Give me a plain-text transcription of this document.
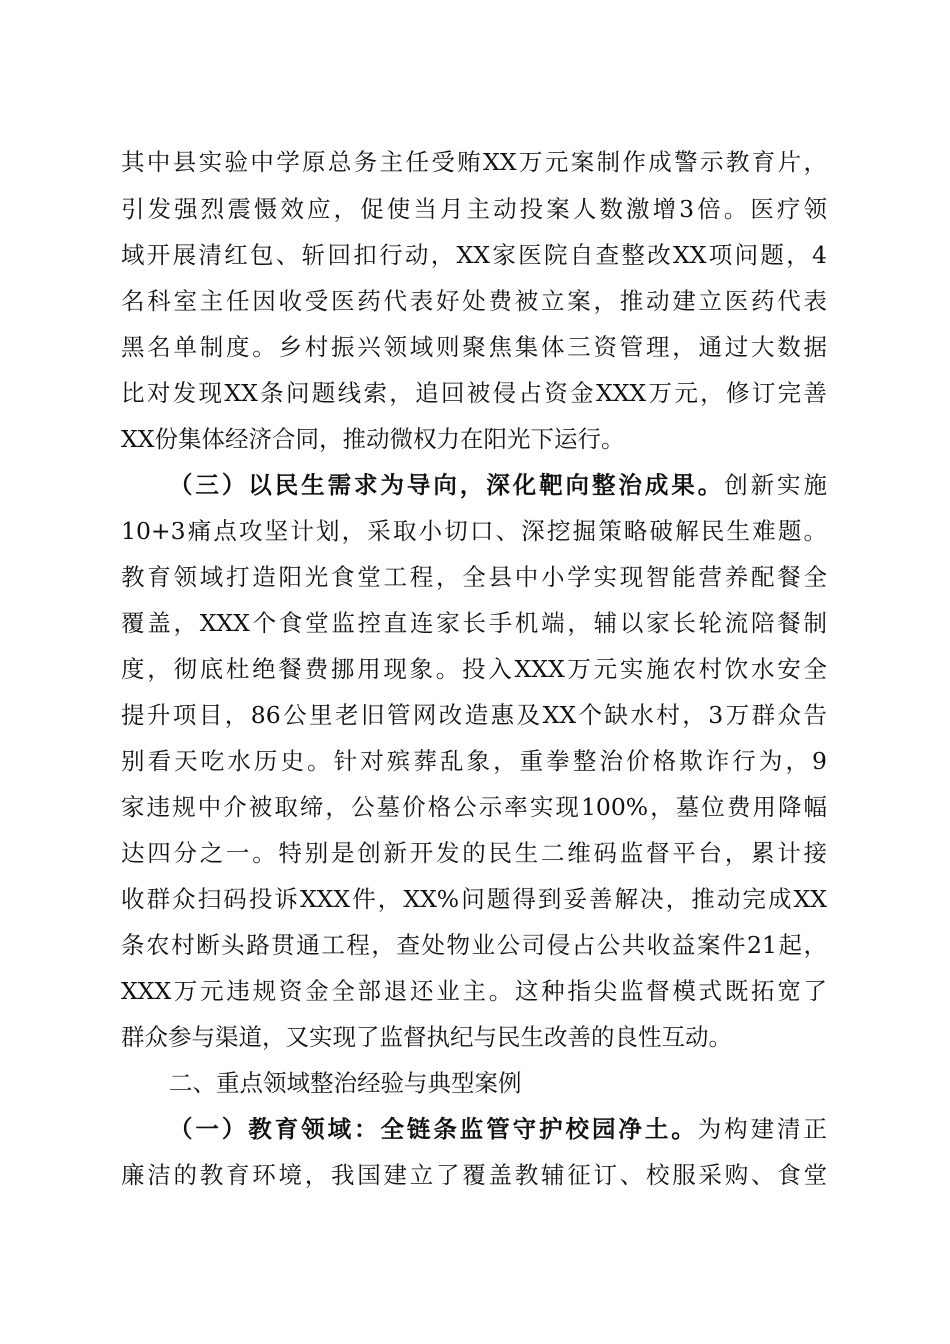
其中县实验中学原总务主任受贿XX万元案制作成警示教育片，
引发强烈震慑效应，促使当月主动投案人数激增3倍。医疗领
域开展清红包、斩回扣行动，XX家医院自查整改XX项问题，4
名科室主任因收受医药代表好处费被立案，推动建立医药代表
黑名单制度。乡村振兴领域则聚焦集体三资管理，通过大数据
比对发现XX条问题线索，追回被侵占资金XXX万元，修订完善
XX份集体经济合同，推动微权力在阳光下运行。
（三）以民生需求为导向，深化靶向整治成果。创新实施
10+3痛点攻坚计划，采取小切口、深挖掘策略破解民生难题。
教育领域打造阳光食堂工程，全县中小学实现智能营养配餐全
覆盖，XXX个食堂监控直连家长手机端，辅以家长轮流陪餐制
度，彻底杜绝餐费挪用现象。投入XXX万元实施农村饮水安全
提升项目，86公里老旧管网改造惠及XX个缺水村，3万群众告
别看天吃水历史。针对殡葬乱象，重拳整治价格欺诈行为，9
家违规中介被取缔，公墓价格公示率实现100%，墓位费用降幅
达四分之一。特别是创新开发的民生二维码监督平台，累计接
收群众扫码投诉XXX件，XX%问题得到妥善解决，推动完成XX
条农村断头路贯通工程，查处物业公司侵占公共收益案件21起，
XXX万元违规资金全部退还业主。这种指尖监督模式既拓宽了
群众参与渠道，又实现了监督执纪与民生改善的良性互动。
二、重点领域整治经验与典型案例
（一）教育领域：全链条监管守护校园净土。为构建清正
廉洁的教育环境，我国建立了覆盖教辅征订、校服采购、食堂
